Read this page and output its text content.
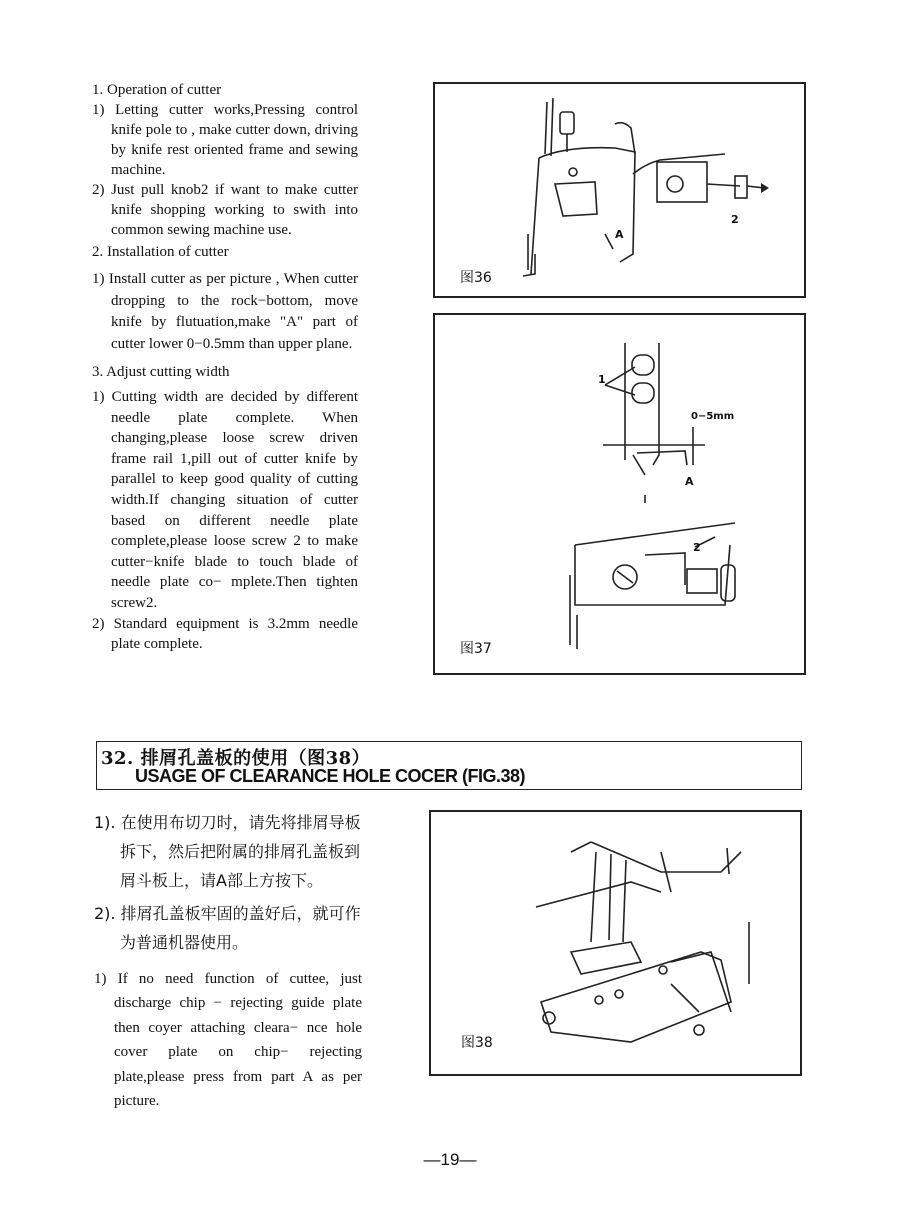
1. Operation of cutter

1) Letting cutter works,Pressing control knife pole to , make cutter down, driving by knife rest oriented frame and sewing machine.

2) Just pull knob2 if want to make cutter knife shopping working to swith into common sewing machine use.

2. Installation of cutter

1) Install cutter as per picture , When cutter dropping to the rock−bottom, move knife by flutuation,make "A" part of cutter lower 0−0.5mm than upper plane.

3. Adjust cutting width

1) Cutting width are decided by different needle plate complete. When changing,please loose screw driven frame rail 1,pill out of cutter knife by parallel to keep good quality of cutting width.If changing situation of cutter based on different needle plate complete,please loose screw 2 to make cutter−knife blade to touch blade of needle plate co− mplete.Then tighten screw2.

2) Standard equipment is 3.2mm needle plate complete.

图36
2
A
1
0−5mm
A
2
图37
32. 排屑孔盖板的使用（图38）
USAGE OF CLEARANCE HOLE COCER (FIG.38)

1). 在使用布切刀时，请先将排屑导板拆下，然后把附属的排屑孔盖板到屑斗板上，请A部上方按下。

2). 排屑孔盖板牢固的盖好后，就可作为普通机器使用。

1) If no need function of cuttee, just discharge chip − rejecting guide plate then coyer attaching cleara− nce hole cover plate on chip− rejecting plate,please press from part A as per picture.

图38
—19—
